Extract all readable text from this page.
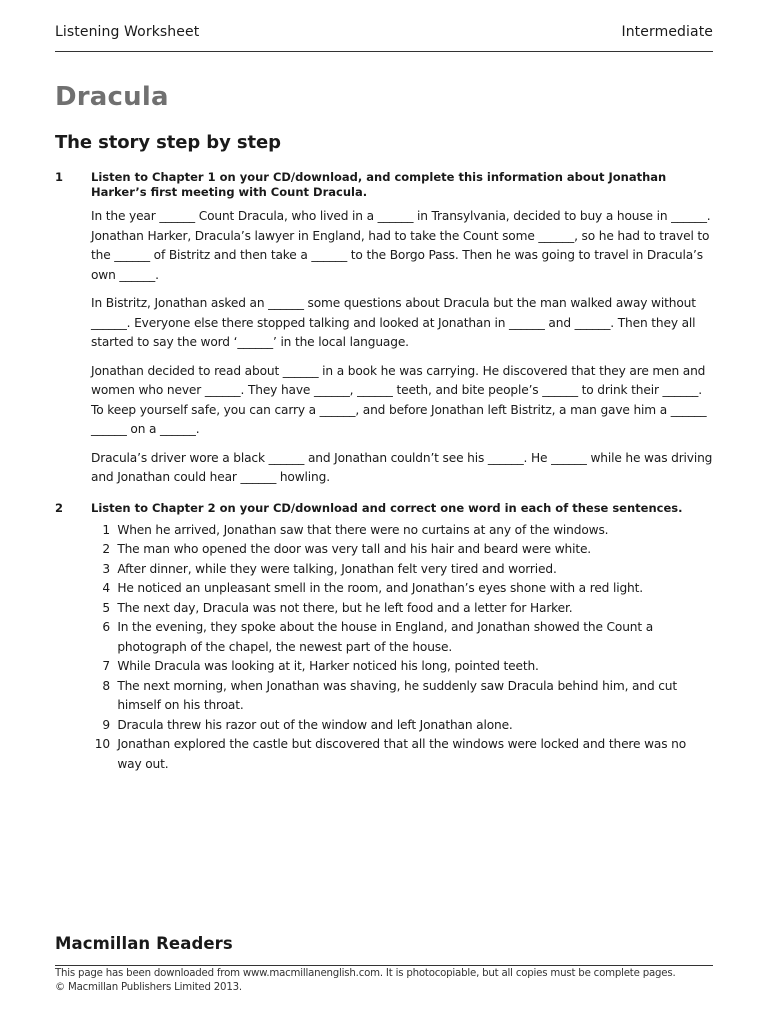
Listening Worksheet	Intermediate
Dracula
The story step by step
1	Listen to Chapter 1 on your CD/download, and complete this information about Jonathan Harker’s first meeting with Count Dracula.

In the year ______ Count Dracula, who lived in a ______ in Transylvania, decided to buy a house in ______. Jonathan Harker, Dracula’s lawyer in England, had to take the Count some ______, so he had to travel to the ______ of Bistritz and then take a ______ to the Borgo Pass. Then he was going to travel in Dracula’s own ______.

In Bistritz, Jonathan asked an ______ some questions about Dracula but the man walked away without ______. Everyone else there stopped talking and looked at Jonathan in ______ and ______. Then they all started to say the word ‘______’ in the local language.

Jonathan decided to read about ______ in a book he was carrying. He discovered that they are men and women who never ______. They have ______, ______ teeth, and bite people’s ______ to drink their ______. To keep yourself safe, you can carry a ______, and before Jonathan left Bistritz, a man gave him a ______ ______ on a ______.

Dracula’s driver wore a black ______ and Jonathan couldn’t see his ______. He ______ while he was driving and Jonathan could hear ______ howling.

2	Listen to Chapter 2 on your CD/download and correct one word in each of these sentences.
1 When he arrived, Jonathan saw that there were no curtains at any of the windows.
2 The man who opened the door was very tall and his hair and beard were white.
3 After dinner, while they were talking, Jonathan felt very tired and worried.
4 He noticed an unpleasant smell in the room, and Jonathan’s eyes shone with a red light.
5 The next day, Dracula was not there, but he left food and a letter for Harker.
6 In the evening, they spoke about the house in England, and Jonathan showed the Count a photograph of the chapel, the newest part of the house.
7 While Dracula was looking at it, Harker noticed his long, pointed teeth.
8 The next morning, when Jonathan was shaving, he suddenly saw Dracula behind him, and cut himself on his throat.
9 Dracula threw his razor out of the window and left Jonathan alone.
10 Jonathan explored the castle but discovered that all the windows were locked and there was no way out.
Macmillan Readers
This page has been downloaded from www.macmillanenglish.com. It is photocopiable, but all copies must be complete pages.
© Macmillan Publishers Limited 2013.
